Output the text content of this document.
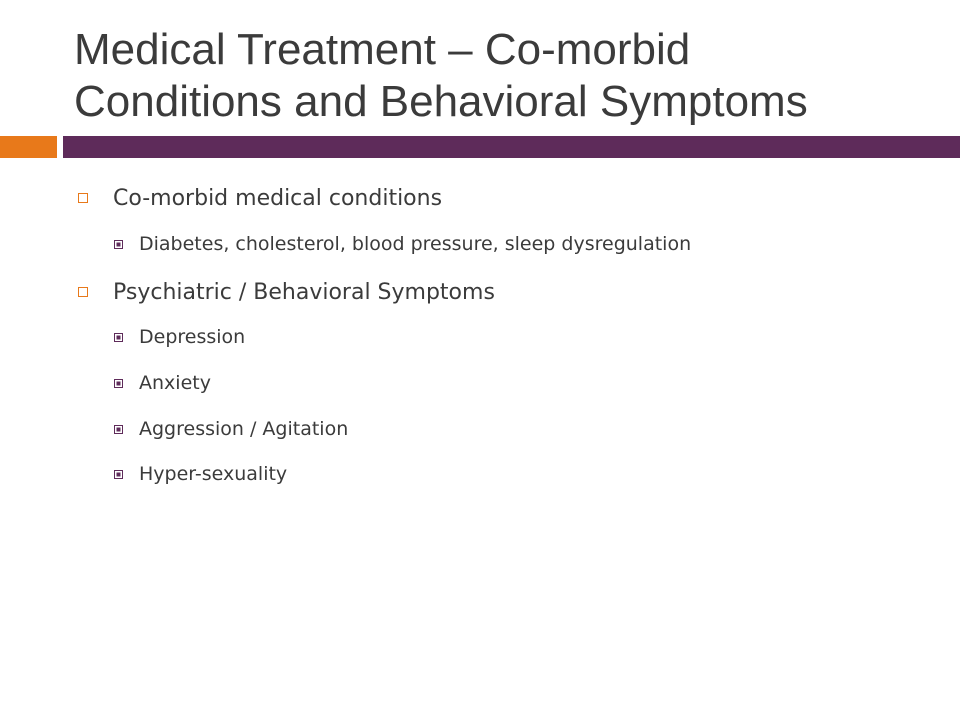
Medical Treatment – Co-morbid
Conditions and Behavioral Symptoms
Co-morbid medical conditions
Diabetes, cholesterol, blood pressure, sleep dysregulation
Psychiatric / Behavioral Symptoms
Depression
Anxiety
Aggression / Agitation
Hyper-sexuality
